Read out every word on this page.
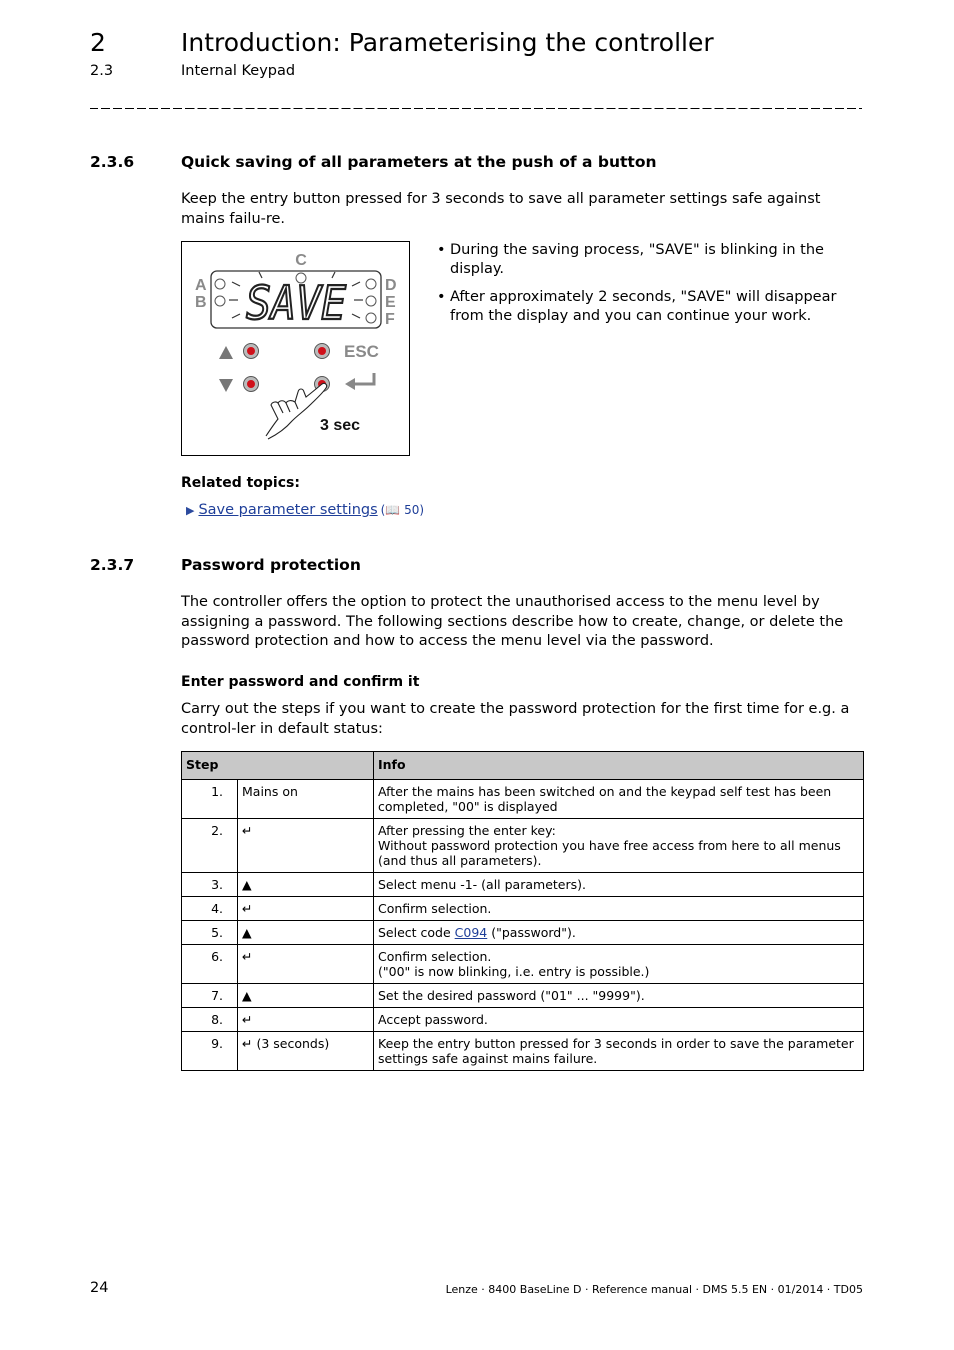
2	Introduction: Parameterising the controller
2.3	Internal Keypad
2.3.6	Quick saving of all parameters at the push of a button
Keep the entry button pressed for 3 seconds to save all parameter settings safe against mains failu-re.
C
A
B
D
E
F
SAVE
ESC
3 sec
• During the saving process, "SAVE" is blinking in the display.
• After approximately 2 seconds, "SAVE" will disappear from the display and you can continue your work.
Related topics:
▶ Save parameter settings (📖 50)
2.3.7	Password protection
The controller offers the option to protect the unauthorised access to the menu level by assigning a password. The following sections describe how to create, change, or delete the password protection and how to access the menu level via the password.
Enter password and confirm it
Carry out the steps if you want to create the password protection for the first time for e.g. a control-ler in default status:
Step		Info
1.	Mains on	After the mains has been switched on and the keypad self test has been completed, "00" is displayed
2.	↵	After pressing the enter key:
Without password protection you have free access from here to all menus (and thus all parameters).

3.	▲	Select menu -1- (all parameters).
4.	↵	Confirm selection.
5.	▲	Select code C094 ("password").
6.	↵	Confirm selection.
("00" is now blinking, i.e. entry is possible.)

7.	▲	Set the desired password ("01" ... "9999").
8.	↵	Accept password.
9.	↵ (3 seconds)	Keep the entry button pressed for 3 seconds in order to save the parameter settings safe against mains failure.
24	Lenze · 8400 BaseLine D · Reference manual · DMS 5.5 EN · 01/2014 · TD05
